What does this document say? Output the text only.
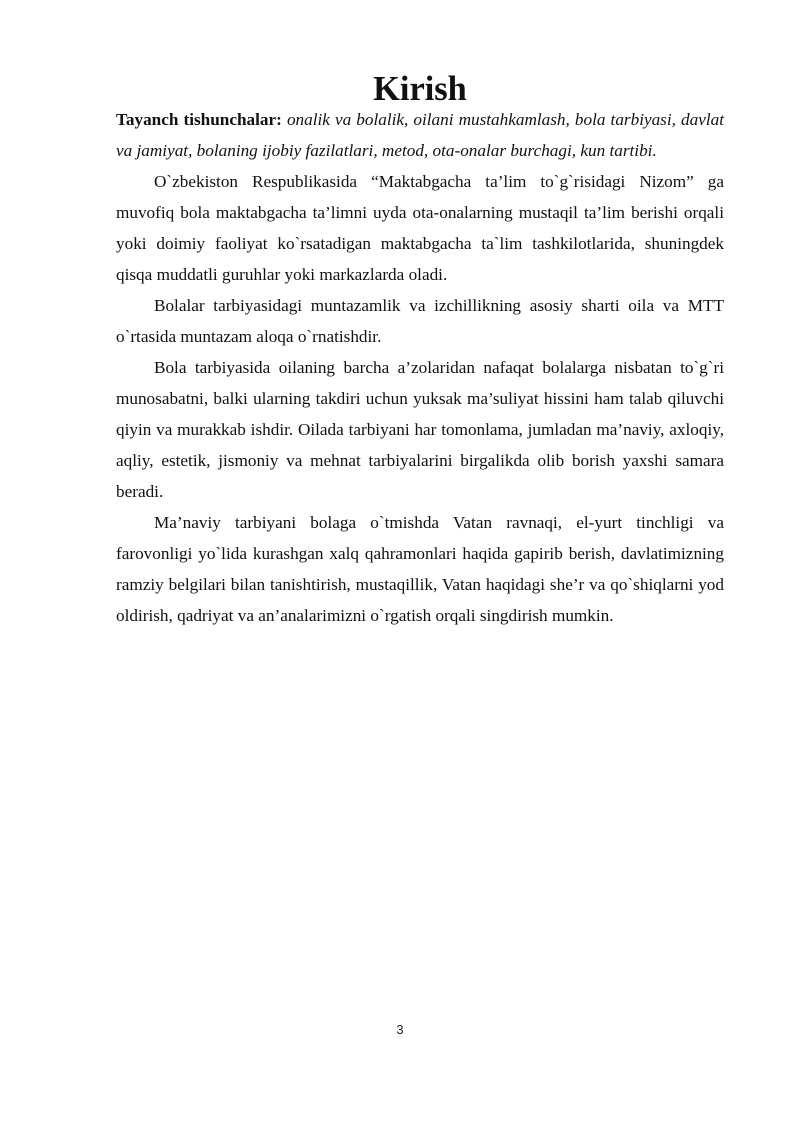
Kirish

Tayanch tishunchalar: onalik va bolalik, oilani mustahkamlash, bola tarbiyasi, davlat va jamiyat, bolaning ijobiy fazilatlari, metod, ota-onalar burchagi, kun tartibi.

O`zbekiston Respublikasida “Maktabgacha ta’lim to`g`risidagi Nizom” ga muvofiq bola maktabgacha ta’limni uyda ota-onalarning mustaqil ta’lim berishi orqali yoki doimiy faoliyat ko`rsatadigan maktabgacha ta`lim tashkilotlarida, shuningdek qisqa muddatli guruhlar yoki markazlarda oladi.

Bolalar tarbiyasidagi muntazamlik va izchillikning asosiy sharti oila va MTT o`rtasida muntazam aloqa o`rnatishdir.

Bola tarbiyasida oilaning barcha a’zolaridan nafaqat bolalarga nisbatan to`g`ri munosabatni, balki ularning takdiri uchun yuksak ma’suliyat hissini ham talab qiluvchi qiyin va murakkab ishdir. Oilada tarbiyani har tomonlama, jumladan ma’naviy, axloqiy, aqliy, estetik, jismoniy va mehnat tarbiyalarini birgalikda olib borish yaxshi samara beradi.

Ma’naviy tarbiyani bolaga o`tmishda Vatan ravnaqi, el-yurt tinchligi va farovonligi yo`lida kurashgan xalq qahramonlari haqida gapirib berish, davlatimizning ramziy belgilari bilan tanishtirish, mustaqillik, Vatan haqidagi she’r va qo`shiqlarni yod oldirish, qadriyat va an’analarimizni o`rgatish orqali singdirish mumkin.

3
